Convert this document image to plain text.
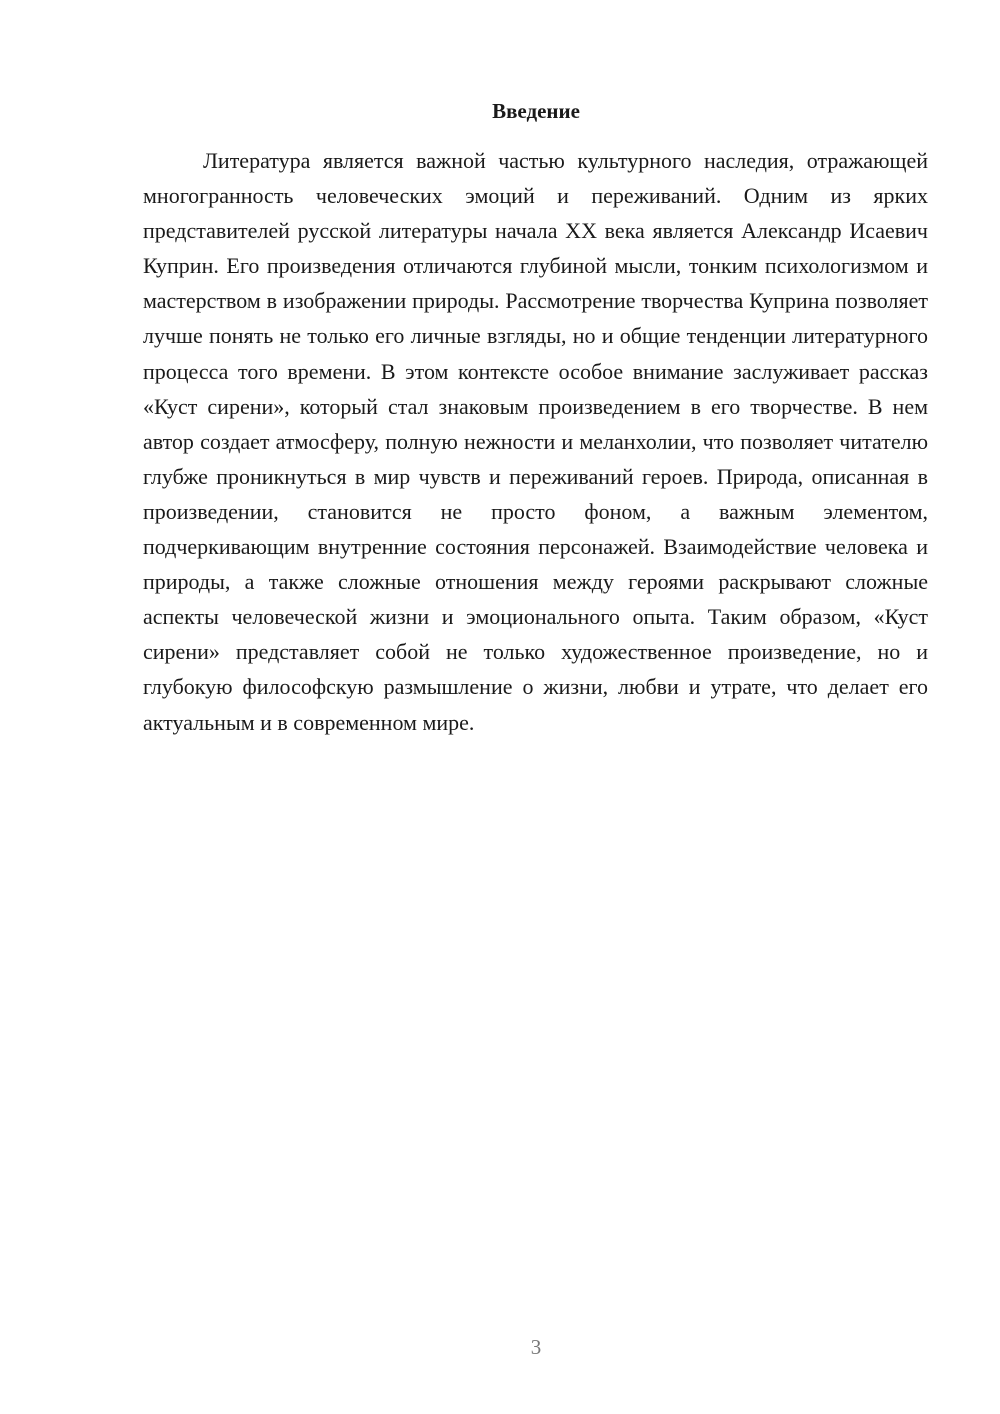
Введение

Литература является важной частью культурного наследия, отражающей многогранность человеческих эмоций и переживаний. Одним из ярких представителей русской литературы начала XX века является Александр Исаевич Куприн. Его произведения отличаются глубиной мысли, тонким психологизмом и мастерством в изображении природы. Рассмотрение творчества Куприна позволяет лучше понять не только его личные взгляды, но и общие тенденции литературного процесса того времени. В этом контексте особое внимание заслуживает рассказ «Куст сирени», который стал знаковым произведением в его творчестве. В нем автор создает атмосферу, полную нежности и меланхолии, что позволяет читателю глубже проникнуться в мир чувств и переживаний героев. Природа, описанная в произведении, становится не просто фоном, а важным элементом, подчеркивающим внутренние состояния персонажей. Взаимодействие человека и природы, а также сложные отношения между героями раскрывают сложные аспекты человеческой жизни и эмоционального опыта. Таким образом, «Куст сирени» представляет собой не только художественное произведение, но и глубокую философскую размышление о жизни, любви и утрате, что делает его актуальным и в современном мире.

3
